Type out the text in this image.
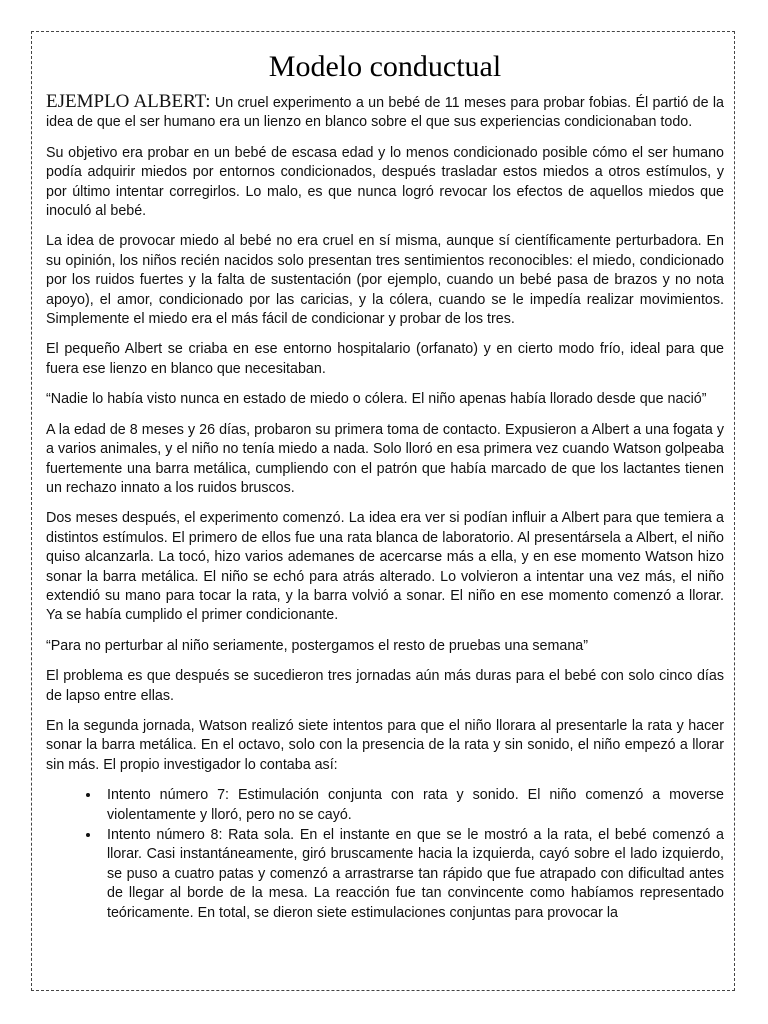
Modelo conductual

EJEMPLO ALBERT: Un cruel experimento a un bebé de 11 meses para probar fobias. Él partió de la idea de que el ser humano era un lienzo en blanco sobre el que sus experiencias condicionaban todo.

Su objetivo era probar en un bebé de escasa edad y lo menos condicionado posible cómo el ser humano podía adquirir miedos por entornos condicionados, después trasladar estos miedos a otros estímulos, y por último intentar corregirlos. Lo malo, es que nunca logró revocar los efectos de aquellos miedos que inoculó al bebé.

La idea de provocar miedo al bebé no era cruel en sí misma, aunque sí científicamente perturbadora. En su opinión, los niños recién nacidos solo presentan tres sentimientos reconocibles: el miedo, condicionado por los ruidos fuertes y la falta de sustentación (por ejemplo, cuando un bebé pasa de brazos y no nota apoyo), el amor, condicionado por las caricias, y la cólera, cuando se le impedía realizar movimientos. Simplemente el miedo era el más fácil de condicionar y probar de los tres.

El pequeño Albert se criaba en ese entorno hospitalario (orfanato) y en cierto modo frío, ideal para que fuera ese lienzo en blanco que necesitaban.

“Nadie lo había visto nunca en estado de miedo o cólera. El niño apenas había llorado desde que nació”

A la edad de 8 meses y 26 días, probaron su primera toma de contacto. Expusieron a Albert a una fogata y a varios animales, y el niño no tenía miedo a nada. Solo lloró en esa primera vez cuando Watson golpeaba fuertemente una barra metálica, cumpliendo con el patrón que había marcado de que los lactantes tienen un rechazo innato a los ruidos bruscos.

Dos meses después, el experimento comenzó. La idea era ver si podían influir a Albert para que temiera a distintos estímulos. El primero de ellos fue una rata blanca de laboratorio. Al presentársela a Albert, el niño quiso alcanzarla. La tocó, hizo varios ademanes de acercarse más a ella, y en ese momento Watson hizo sonar la barra metálica. El niño se echó para atrás alterado. Lo volvieron a intentar una vez más, el niño extendió su mano para tocar la rata, y la barra volvió a sonar. El niño en ese momento comenzó a llorar. Ya se había cumplido el primer condicionante.

“Para no perturbar al niño seriamente, postergamos el resto de pruebas una semana”

El problema es que después se sucedieron tres jornadas aún más duras para el bebé con solo cinco días de lapso entre ellas.

En la segunda jornada, Watson realizó siete intentos para que el niño llorara al presentarle la rata y hacer sonar la barra metálica. En el octavo, solo con la presencia de la rata y sin sonido, el niño empezó a llorar sin más. El propio investigador lo contaba así:

• Intento número 7: Estimulación conjunta con rata y sonido. El niño comenzó a moverse violentamente y lloró, pero no se cayó.
• Intento número 8: Rata sola. En el instante en que se le mostró a la rata, el bebé comenzó a llorar. Casi instantáneamente, giró bruscamente hacia la izquierda, cayó sobre el lado izquierdo, se puso a cuatro patas y comenzó a arrastrarse tan rápido que fue atrapado con dificultad antes de llegar al borde de la mesa. La reacción fue tan convincente como habíamos representado teóricamente. En total, se dieron siete estimulaciones conjuntas para provocar la
